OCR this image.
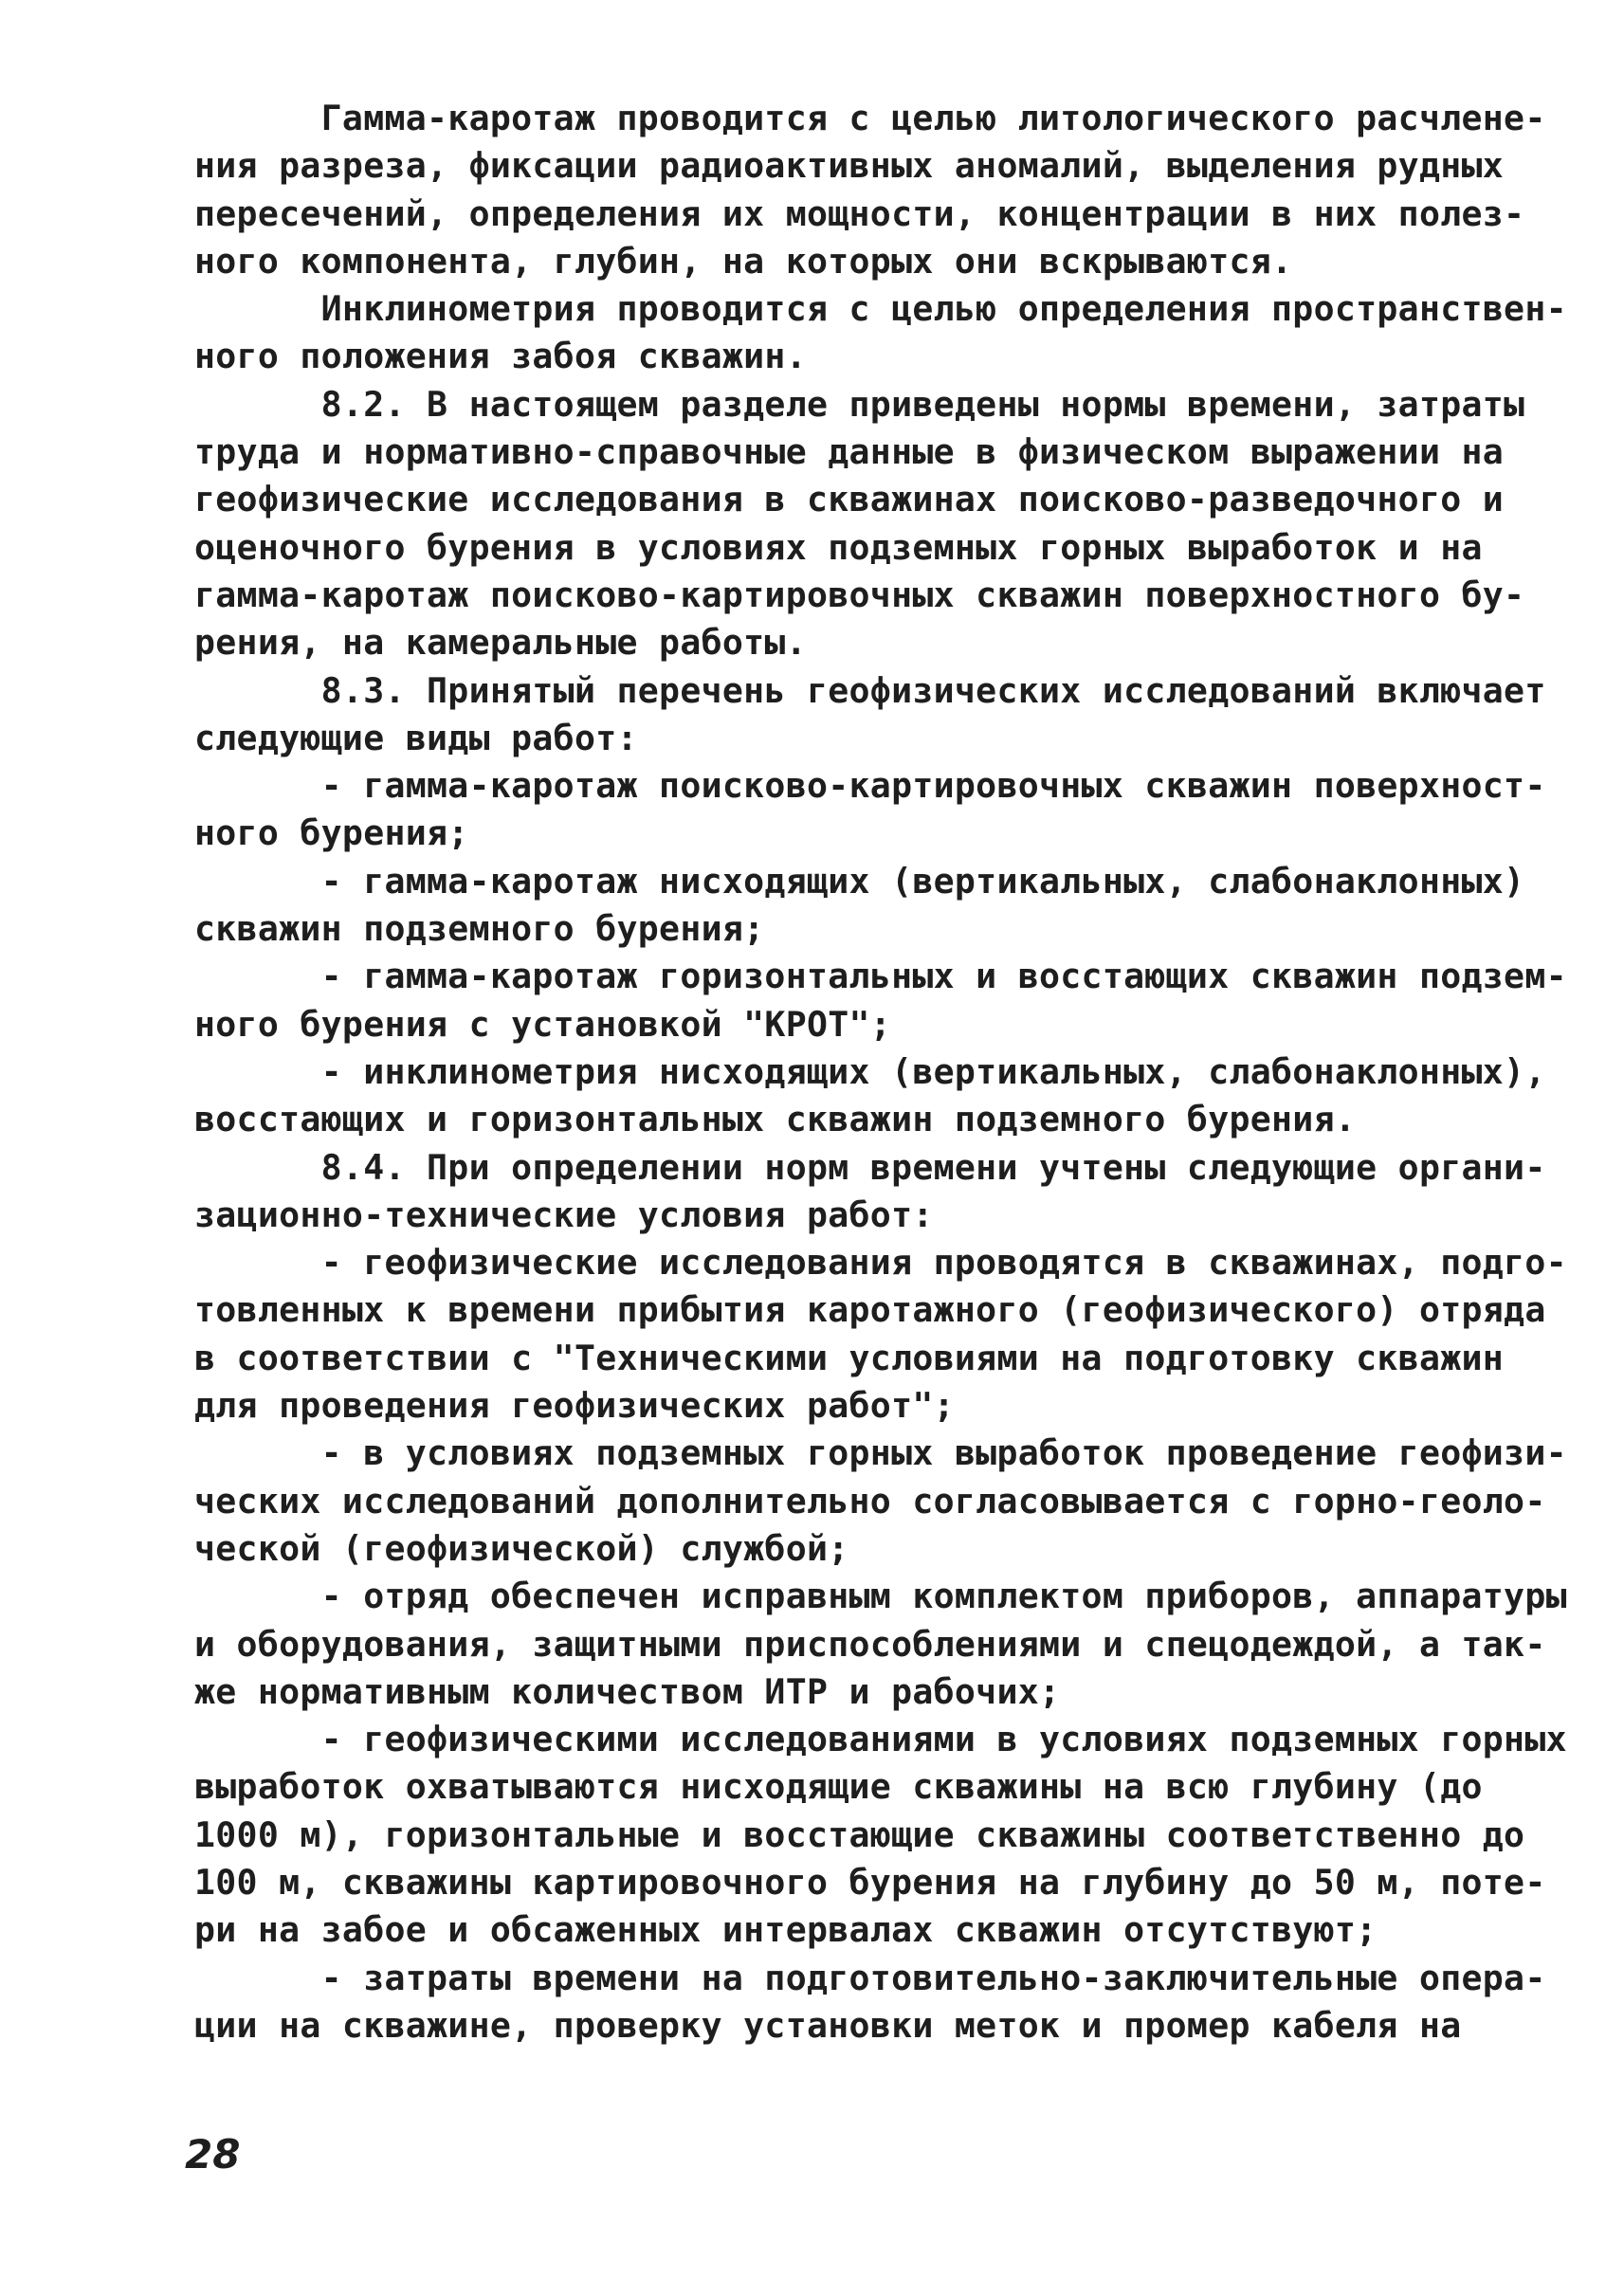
Гамма-каротаж проводится с целью литологического расчлене-
ния разреза, фиксации радиоактивных аномалий, выделения рудных
пересечений, определения их мощности, концентрации в них полез-
ного компонента, глубин, на которых они вскрываются.
Инклинометрия проводится с целью определения пространствен-
ного положения забоя скважин.
8.2. В настоящем разделе приведены нормы времени, затраты
труда и нормативно-справочные данные в физическом выражении на
геофизические исследования в скважинах поисково-разведочного и
оценочного бурения в условиях подземных горных выработок и на
гамма-каротаж поисково-картировочных скважин поверхностного бу-
рения, на камеральные работы.
8.3. Принятый перечень геофизических исследований включает
следующие виды работ:
- гамма-каротаж поисково-картировочных скважин поверхност-
ного бурения;
- гамма-каротаж нисходящих (вертикальных, слабонаклонных)
скважин подземного бурения;
- гамма-каротаж горизонтальных и восстающих скважин подзем-
ного бурения с установкой "КРОТ";
- инклинометрия нисходящих (вертикальных, слабонаклонных),
восстающих и горизонтальных скважин подземного бурения.
8.4. При определении норм времени учтены следующие органи-
зационно-технические условия работ:
- геофизические исследования проводятся в скважинах, подго-
товленных к времени прибытия каротажного (геофизического) отряда
в соответствии с "Техническими условиями на подготовку скважин
для проведения геофизических работ";
- в условиях подземных горных выработок проведение геофизи-
ческих исследований дополнительно согласовывается с горно-геоло-
ческой (геофизической) службой;
- отряд обеспечен исправным комплектом приборов, аппаратуры
и оборудования, защитными приспособлениями и спецодеждой, а так-
же нормативным количеством ИТР и рабочих;
- геофизическими исследованиями в условиях подземных горных
выработок охватываются нисходящие скважины на всю глубину (до
1000 м), горизонтальные и восстающие скважины соответственно до
100 м, скважины картировочного бурения на глубину до 50 м, поте-
ри на забое и обсаженных интервалах скважин отсутствуют;
- затраты времени на подготовительно-заключительные опера-
ции на скважине, проверку установки меток и промер кабеля на
28
